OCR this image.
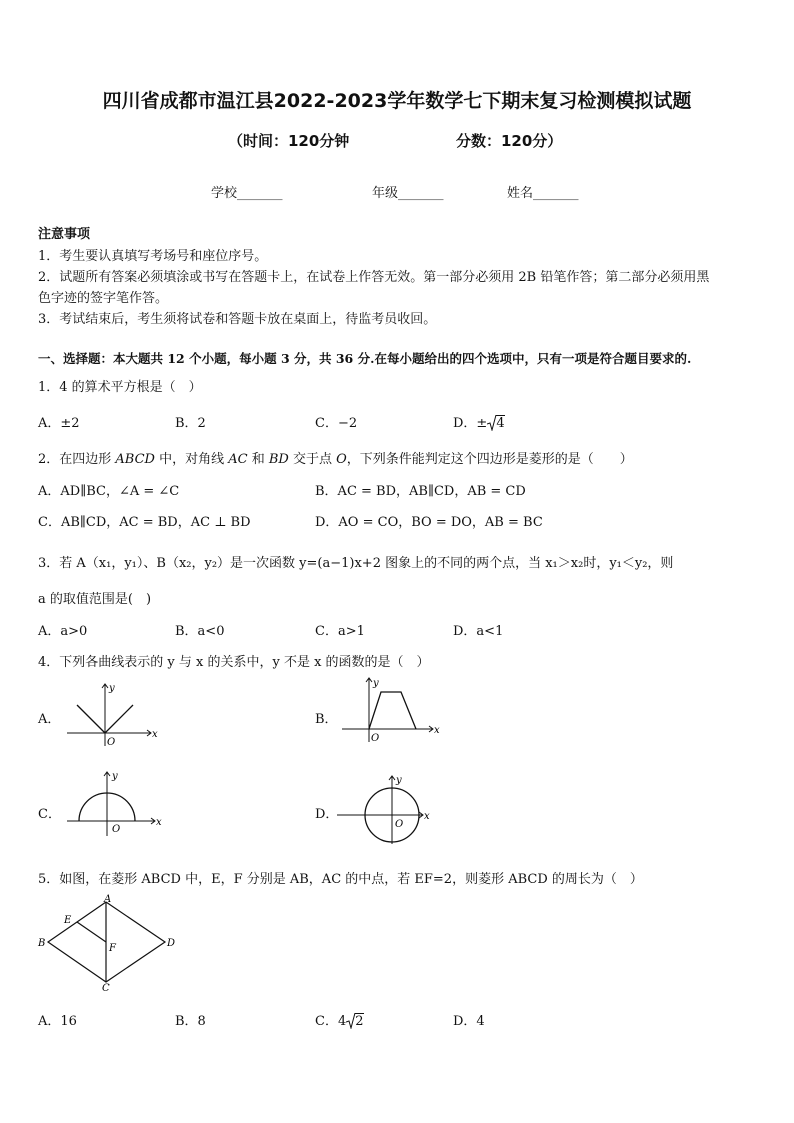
四川省成都市温江县2022-2023学年数学七下期末复习检测模拟试题
（时间：120分钟	分数：120分）
学校_______	年级_______	姓名_______
注意事项
1．考生要认真填写考场号和座位序号。
2．试题所有答案必须填涂或书写在答题卡上，在试卷上作答无效。第一部分必须用 2B 铅笔作答；第二部分必须用黑
色字迹的签字笔作答。
3．考试结束后，考生须将试卷和答题卡放在桌面上，待监考员收回。
一、选择题：本大题共 12 个小题，每小题 3 分，共 36 分.在每小题给出的四个选项中，只有一项是符合题目要求的.
1．4 的算术平方根是（　）
A．±2	B．2	C．−2	D．± 4
2．在四边形 ABCD 中，对角线 AC 和 BD 交于点 O，下列条件能判定这个四边形是菱形的是（　　）
A．AD∥BC，∠A = ∠C	B．AC = BD，AB∥CD，AB = CD
C．AB∥CD，AC = BD，AC ⊥ BD	D．AO = CO，BO = DO，AB = BC
3．若 A（x₁，y₁）、B（x₂，y₂）是一次函数 y=(a−1)x+2 图象上的不同的两个点，当 x₁＞x₂时，y₁＜y₂，则
a 的取值范围是(　)
A．a>0	B．a<0	C．a>1	D．a<1
4．下列各曲线表示的 y 与 x 的关系中，y 不是 x 的函数的是（　）
A．	B．
C．	D．
y
x
O
y
x
O
y
x
O
y
x
O
5．如图，在菱形 ABCD 中，E，F 分别是 AB，AC 的中点，若 EF=2，则菱形 ABCD 的周长为（　）
A
B
C
D
E
F
A．16	B．8	C．4 2	D．4
